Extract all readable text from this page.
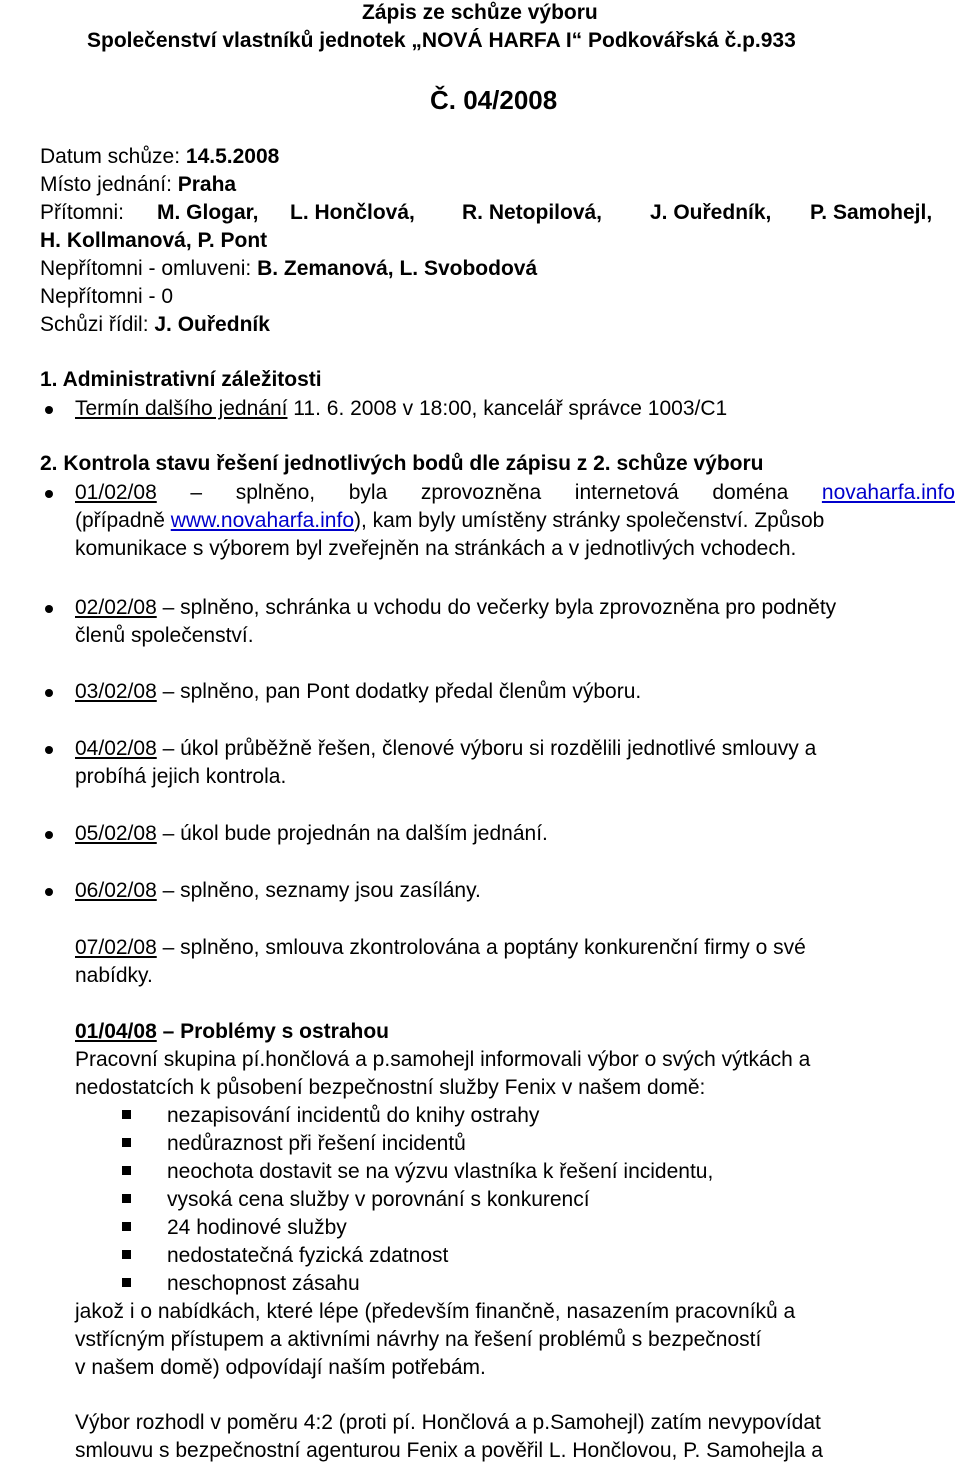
Zápis ze schůze výboru
Společenství vlastníků jednotek „NOVÁ HARFA I“ Podkovářská č.p.933
Č. 04/2008
Datum schůze: 14.5.2008
Místo jednání: Praha
Přítomni: M. Glogar, L. Hončlová, R. Netopilová, J. Ouředník, P. Samohejl,
H. Kollmanová, P. Pont
Nepřítomni - omluveni: B. Zemanová, L. Svobodová
Nepřítomni - 0
Schůzi řídil: J. Ouředník
1. Administrativní záležitosti
Termín dalšího jednání 11. 6. 2008 v 18:00, kancelář správce 1003/C1
2. Kontrola stavu řešení jednotlivých bodů dle zápisu z 2. schůze výboru
01/02/08 – splněno, byla zprovozněna internetová doména novaharfa.info
(případně www.novaharfa.info), kam byly umístěny stránky společenství. Způsob
komunikace s výborem byl zveřejněn na stránkách a v jednotlivých vchodech.
02/02/08 – splněno, schránka u vchodu do večerky byla zprovozněna pro podněty
členů společenství.
03/02/08 – splněno, pan Pont dodatky předal členům výboru.
04/02/08 – úkol průběžně řešen, členové výboru si rozdělili jednotlivé smlouvy a
probíhá jejich kontrola.
05/02/08 – úkol bude projednán na dalším jednání.
06/02/08 – splněno, seznamy jsou zasílány.
07/02/08 – splněno, smlouva zkontrolována a poptány konkurenční firmy o své
nabídky.
01/04/08 – Problémy s ostrahou
Pracovní skupina pí.hončlová a p.samohejl informovali výbor o svých výtkách a
nedostatcích k působení bezpečnostní služby Fenix v našem domě:
nezapisování incidentů do knihy ostrahy
nedůraznost při řešení incidentů
neochota dostavit se na výzvu vlastníka k řešení incidentu,
vysoká cena služby v porovnání s konkurencí
24 hodinové služby
nedostatečná fyzická zdatnost
neschopnost zásahu
jakož i o nabídkách, které lépe (především finančně, nasazením pracovníků a
vstřícným přístupem a aktivními návrhy na řešení problémů s bezpečností
v našem domě) odpovídají naším potřebám.
Výbor rozhodl v poměru 4:2 (proti pí. Hončlová a p.Samohejl) zatím nevypovídat
smlouvu s bezpečnostní agenturou Fenix a pověřil L. Hončlovou, P. Samohejla a
